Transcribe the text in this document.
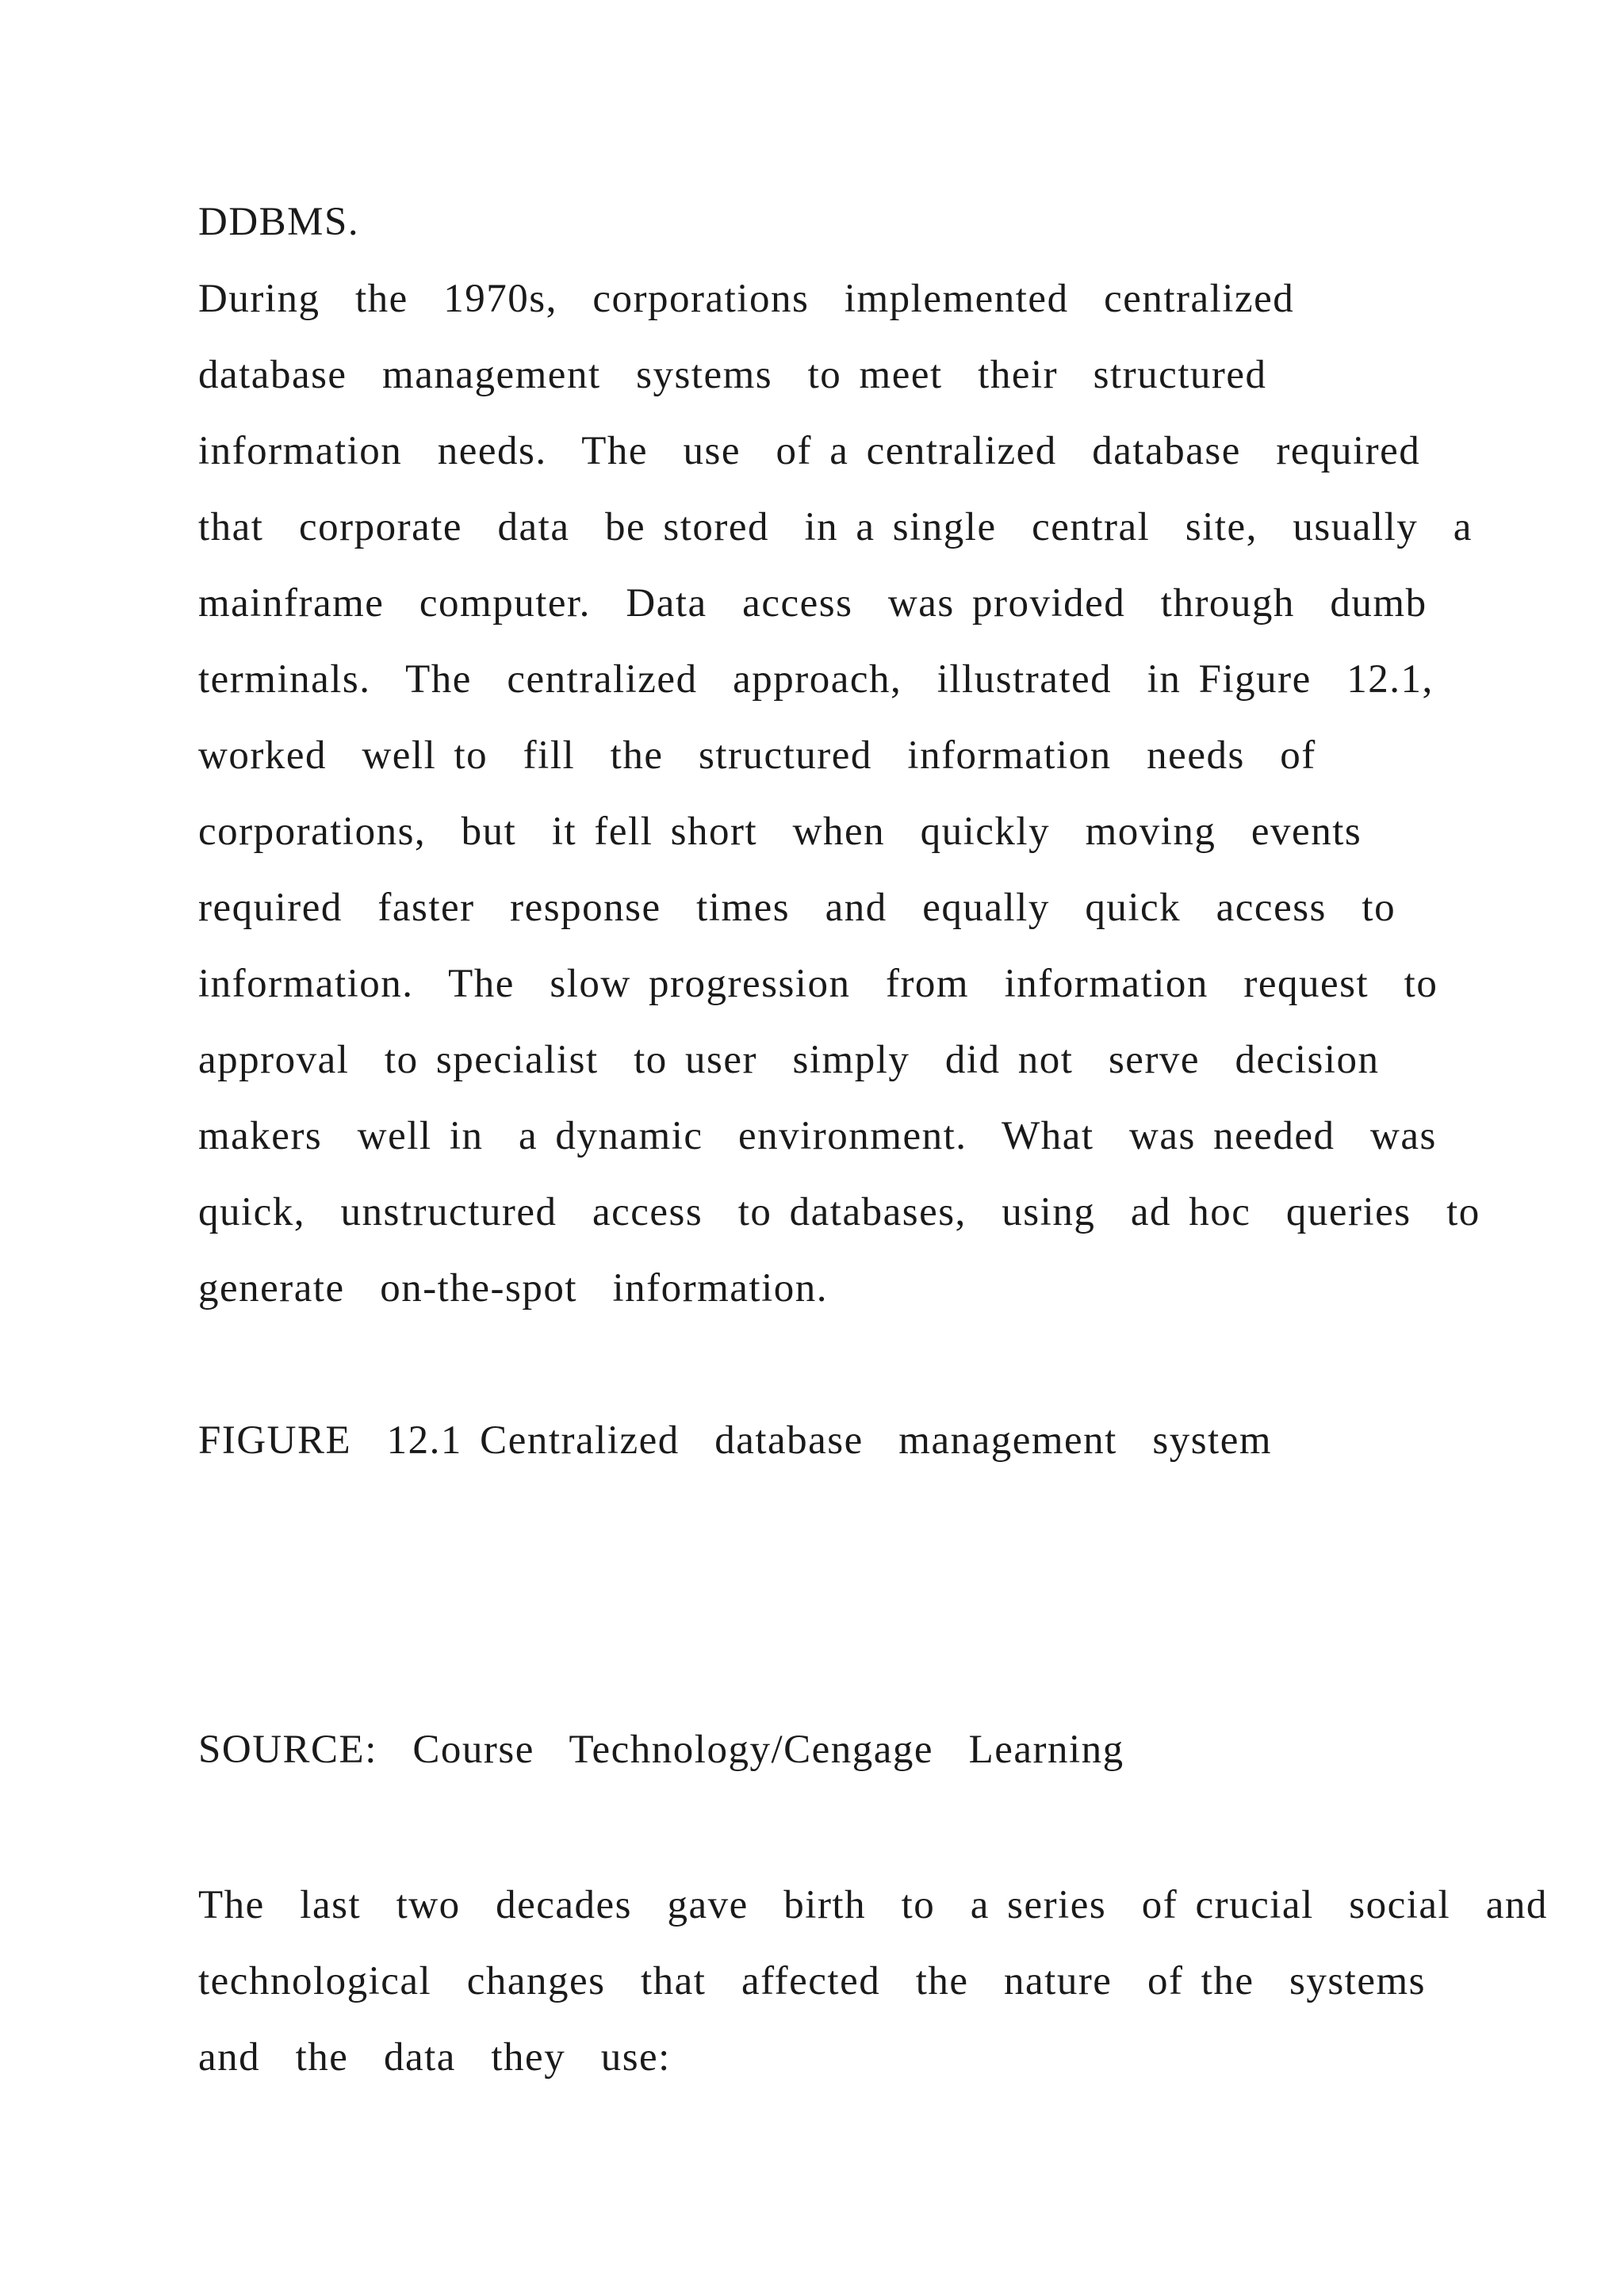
DDBMS.
During  the  1970s,  corporations  implemented  centralized
database  management  systems  to meet  their  structured
information  needs.  The  use  of a centralized  database  required
that  corporate  data  be stored  in a single  central  site,  usually  a
mainframe  computer.  Data  access  was provided  through  dumb
terminals.  The  centralized  approach,  illustrated  in Figure  12.1,
worked  well to  fill  the  structured  information  needs  of
corporations,  but  it fell short  when  quickly  moving  events
required  faster  response  times  and  equally  quick  access  to
information.  The  slow progression  from  information  request  to
approval  to specialist  to user  simply  did not  serve  decision
makers  well in  a dynamic  environment.  What  was needed  was
quick,  unstructured  access  to databases,  using  ad hoc  queries  to
generate  on-the-spot  information.
FIGURE  12.1 Centralized  database  management  system
SOURCE:  Course  Technology/Cengage  Learning
The  last  two  decades  gave  birth  to  a series  of crucial  social  and
technological  changes  that  affected  the  nature  of the  systems
and  the  data  they  use:
